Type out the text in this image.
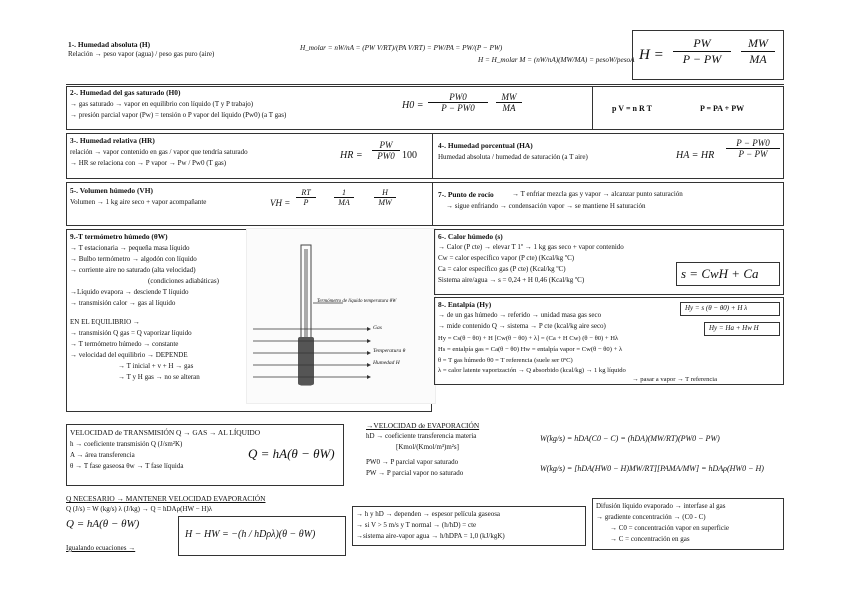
1-. Humedad absoluta (H)
Relación → peso vapor (agua) / peso gas puro (aire)
H_molar = nW/nA = (PW V/RT)/(PA V/RT) = PW/PA = PW/(P − PW)
H = H_molar M = (nW/nA)(MW/MA) = pesoW/pesoA H =
PW
P − PW
MW
MA
2-. Humedad del gas saturado (H0)
→ gas saturado → vapor en equilibrio con líquido (T y P trabajo)
→ presión parcial vapor (Pw) = tensión o P vapor del líquido (Pw0) (a T gas)
H0 =
PW0
P − PW0
MW
MA	p V = n R T	P = PA + PW
3-. Humedad relativa (HR)
relación → vapor contenido en gas / vapor que tendría saturado
→ HR se relaciona con → P vapor → Pw / Pw0 (T gas)
HR = $\frac{PW}{PW0} 100$
4-. Humedad porcentual (HA)
Humedad absoluta / humedad de saturación (a T aire)	HA = HR $\frac{P - PW0}{P - PW}$
5-. Volumen húmedo (VH)
Volumen → 1 kg aire seco + vapor acompañante	VH =
RT
P
1
MA
H
MW
7-. Punto de rocío	→ T enfriar mezcla gas y vapor → alcanzar punto saturación
→ sigue enfriando → condensación vapor → se mantiene H saturación
9.-T termómetro húmedo (θW)
→ T estacionaria → pequeña masa líquido
→ Bulbo termómetro → algodón con líquido
→ corriente aire no saturado (alta velocidad)
(condiciones adiabáticas)
→Líquido evapora → desciende T líquido
→ transmisión calor → gas al líquido
EN EL EQUILIBRIO →
→ transmisión Q gas = Q vaporizar líquido
→ T termómetro húmedo → constante
→ velocidad del equilibrio → DEPENDE
→ T inicial + v + H → gas
→ T y H gas → no se alteran
Termómetro de líquido temperatura θW
Gas
Temperatura θ
Humedad H
6-. Calor húmedo (s)
→ Calor (P cte) → elevar T 1º → 1 kg gas seco + vapor contenido
Cw = calor específico vapor (P cte) (Kcal/kg ºC)
Ca = calor específico gas (P cte) (Kcal/kg ºC)
Sistema aire/agua → s = 0,24 + H 0,46 (Kcal/kg ºC)	s = CwH + Ca
8-. Entalpía (Hy)
→ de un gas húmedo → referido → unidad masa gas seco
→ mide contenido Q → sistema → P cte (kcal/kg aire seco)
Hy = Cs(θ − θ0) + H [Cw(θ − θ0) + λ] = (Ca + H Cw) (θ − θ0) + Hλ
Hs = entalpía gas = Ca(θ − θ0) Hw = entalpía vapor = Cw(θ − θ0) + λ
θ = T gas húmedo θ0 = T referencia (suele ser 0ºC)
λ = calor latente vaporización → Q absorbido (kcal/kg) → 1 kg líquido
→ pasar a vapor → T referencia
Hy = s (θ − θ0) + H λ
Hy = Ha + Hw H
VELOCIDAD de TRANSMISIÓN Q → GAS → AL LÍQUIDO
h → coeficiente transmisión Q (J/sm²K)
A → área transferencia
θ → T fase gaseosa θw → T fase líquida
Q = hA(θ − θW)
→VELOCIDAD de EVAPORACIÓN
hD → coeficiente transferencia materia
[Kmol/(Kmol/m³)m²s]
PW0 → P parcial vapor saturado
PW → P parcial vapor no saturado
W(kg/s) = hDA(C0 − C) = (hDA)(MW/RT)(PW0 − PW)
W(kg/s) = [hDA(HW0 − H)MW/RT][PAMA/MW] = hDAρ(HW0 − H)
Q NECESARIO → MANTENER VELOCIDAD EVAPORACIÓN
Q (J/s) = W (kg/s) λ (J/kg) → Q = hDAρ(HW − H)λ
Q = hA(θ − θW)
Igualando ecuaciones →
H − HW = −(h / hDρλ)(θ − θW)
→ h y hD → dependen → espesor película gaseosa
→ si V > 5 m/s y T normal → (h/hD) = cte
→sistema aire-vapor agua → h/hDPA = 1,0 (kJ/kgK)
Difusión líquido evaporado → interfase al gas
→ gradiente concentración → (C0 - C)
→ C0 = concentración vapor en superficie
→ C = concentración en gas
